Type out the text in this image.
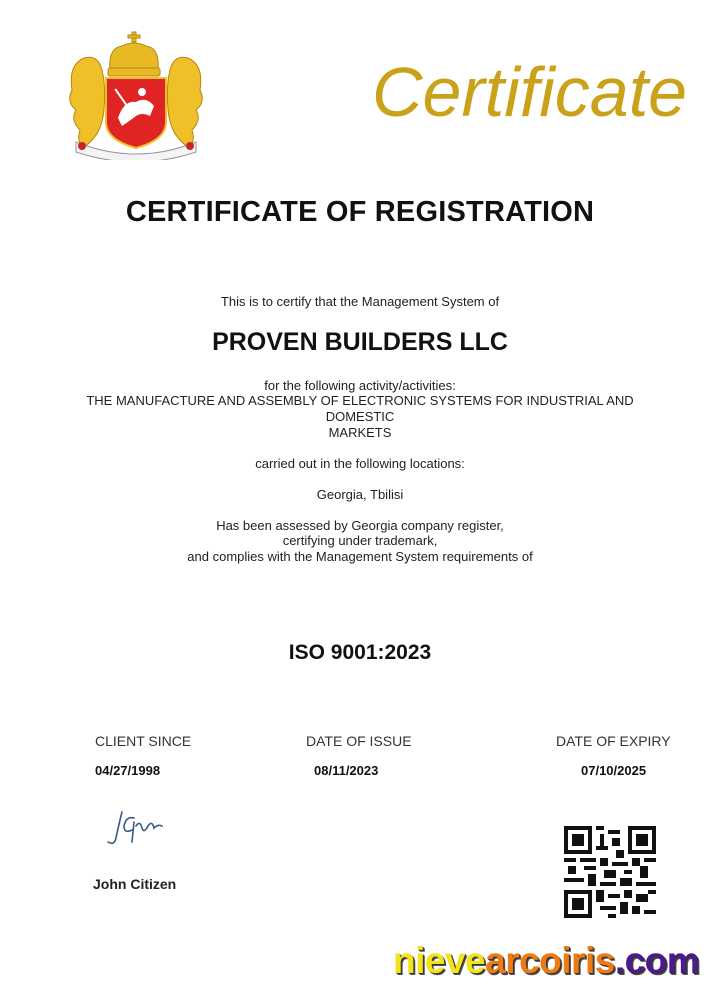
Certificate
CERTIFICATE OF REGISTRATION
This is to certify that the Management System of
PROVEN BUILDERS LLC
for the following activity/activities:
THE MANUFACTURE AND ASSEMBLY OF ELECTRONIC SYSTEMS FOR INDUSTRIAL AND
DOMESTIC
MARKETS
carried out in the following locations:
Georgia, Tbilisi
Has been assessed by Georgia company register,
certifying under trademark,
and complies with the Management System requirements of
ISO 9001:2023
CLIENT SINCE
04/27/1998
DATE OF ISSUE
08/11/2023
DATE OF EXPIRY
07/10/2025
John Citizen
nievearcoiris.com
